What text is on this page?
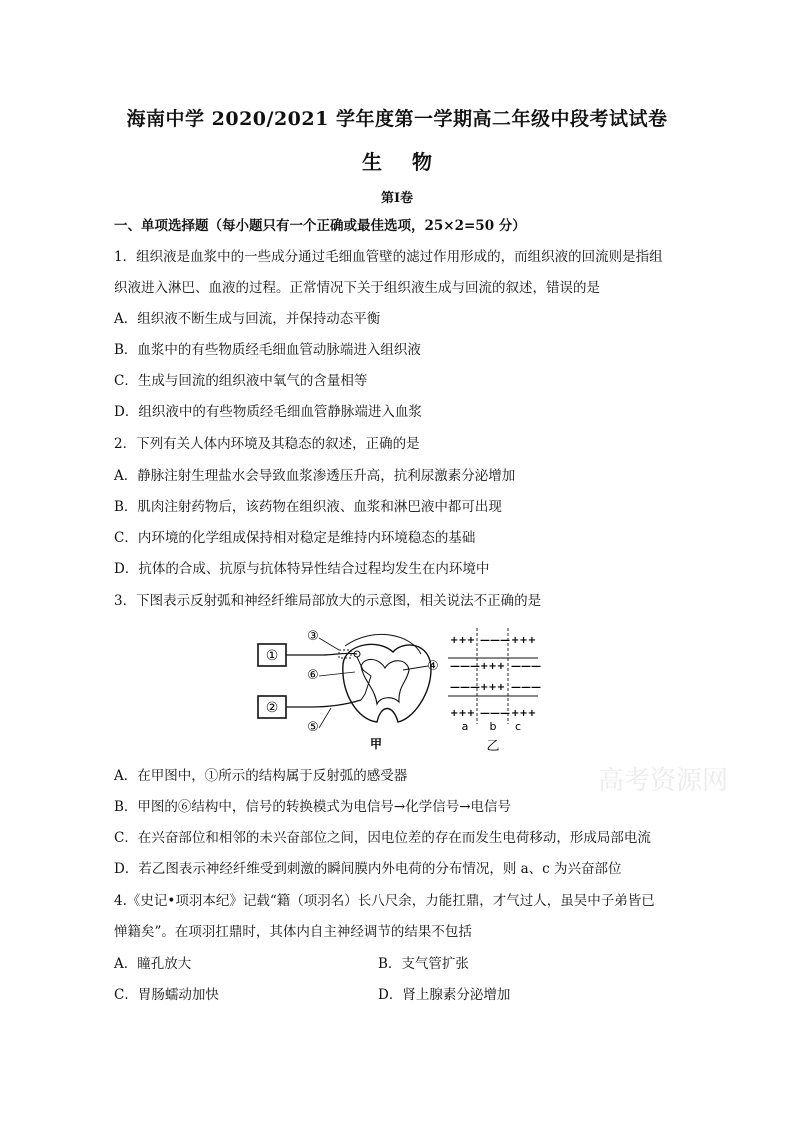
海南中学 2020/2021 学年度第一学期高二年级中段考试试卷
生物
第Ⅰ卷
一、单项选择题（每小题只有一个正确或最佳选项，25×2=50 分）
1．组织液是血浆中的一些成分通过毛细血管壁的滤过作用形成的，而组织液的回流则是指组
织液进入淋巴、血液的过程。正常情况下关于组织液生成与回流的叙述，错误的是
A．组织液不断生成与回流，并保持动态平衡
B．血浆中的有些物质经毛细血管动脉端进入组织液
C．生成与回流的组织液中氧气的含量相等
D．组织液中的有些物质经毛细血管静脉端进入血浆
2．下列有关人体内环境及其稳态的叙述，正确的是
A．静脉注射生理盐水会导致血浆渗透压升高，抗利尿激素分泌增加
B．肌肉注射药物后，该药物在组织液、血浆和淋巴液中都可出现
C．内环境的化学组成保持相对稳定是维持内环境稳态的基础
D．抗体的合成、抗原与抗体特异性结合过程均发生在内环境中
3．下图表示反射弧和神经纤维局部放大的示意图，相关说法不正确的是
①
②
③
⑥
⑤
④
甲
+++ ——— +++
——— +++ ———
——— +++ ———
+++ ——— +++
a b c
乙
A．在甲图中，①所示的结构属于反射弧的感受器
B．甲图的⑥结构中，信号的转换模式为电信号→化学信号→电信号
C．在兴奋部位和相邻的未兴奋部位之间，因电位差的存在而发生电荷移动，形成局部电流
D．若乙图表示神经纤维受到刺激的瞬间膜内外电荷的分布情况，则 a、c 为兴奋部位
4.《史记•项羽本纪》记载“籍（项羽名）长八尺余，力能扛鼎，才气过人，虽吴中子弟皆已
惮籍矣”。在项羽扛鼎时，其体内自主神经调节的结果不包括
A．瞳孔放大	B．支气管扩张
C．胃肠蠕动加快	D．肾上腺素分泌增加
高考资源网
